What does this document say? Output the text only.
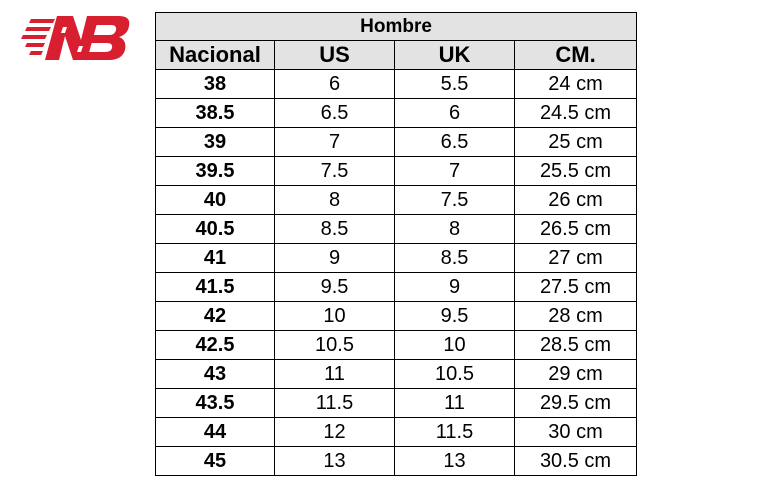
Hombre			
Nacional	US	UK	CM.
38	6	5.5	24 cm
38.5	6.5	6	24.5 cm
39	7	6.5	25 cm
39.5	7.5	7	25.5 cm
40	8	7.5	26 cm
40.5	8.5	8	26.5 cm
41	9	8.5	27 cm
41.5	9.5	9	27.5 cm
42	10	9.5	28 cm
42.5	10.5	10	28.5 cm
43	11	10.5	29 cm
43.5	11.5	11	29.5 cm
44	12	11.5	30 cm
45	13	13	30.5 cm
